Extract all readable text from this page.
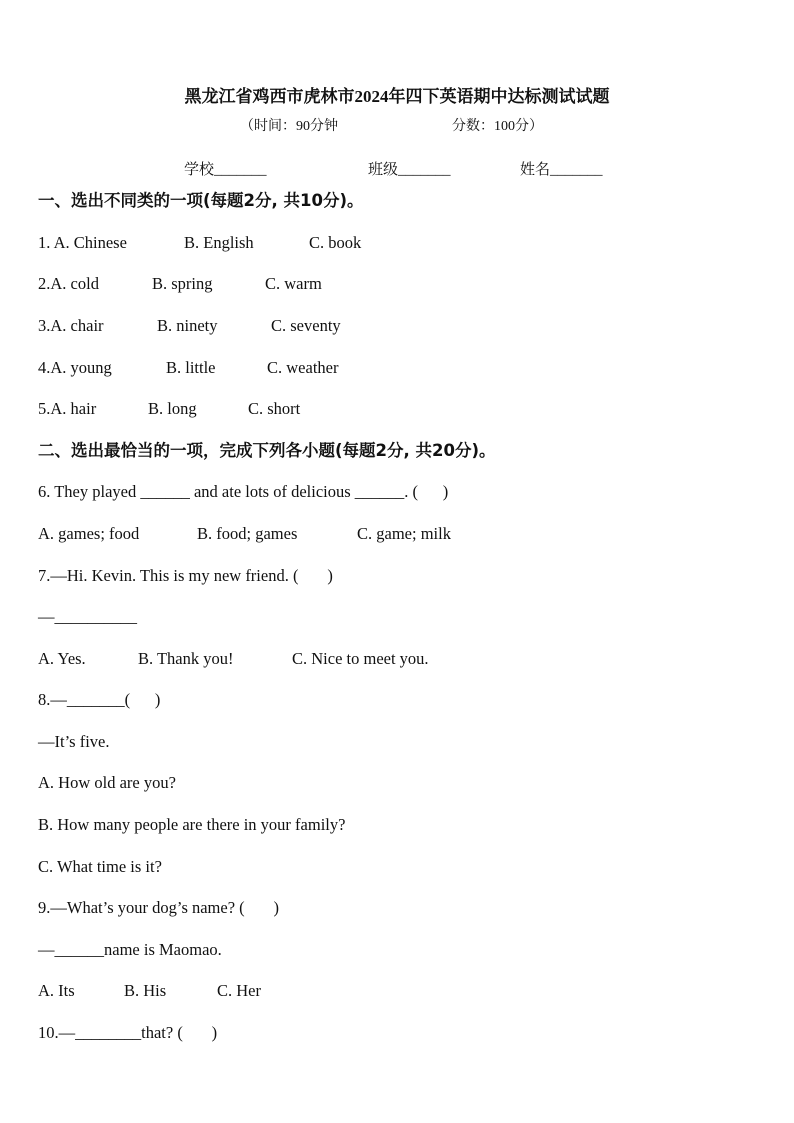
黑龙江省鸡西市虎林市2024年四下英语期中达标测试试题
（时间：90分钟	分数：100分）
学校_______	班级_______	姓名_______
一、选出不同类的一项(每题2分, 共10分)。
1. A. Chinese	B. English	C. book
2.A. cold	B. spring	C. warm
3.A. chair	B. ninety	C. seventy
4.A. young	B. little	C. weather
5.A. hair	B. long	C. short
二、选出最恰当的一项，完成下列各小题(每题2分, 共20分)。
6. They played ______ and ate lots of delicious ______. (      )
A. games; food	B. food; games	C. game; milk
7.—Hi. Kevin. This is my new friend. (       )
—__________
A. Yes.	B. Thank you!	C. Nice to meet you.
8.—_______(      )
—It’s five.
A. How old are you?
B. How many people are there in your family?
C. What time is it?
9.—What’s your dog’s name? (       )
—______name is Maomao.
A. Its	B. His	C. Her
10.—________that? (       )
